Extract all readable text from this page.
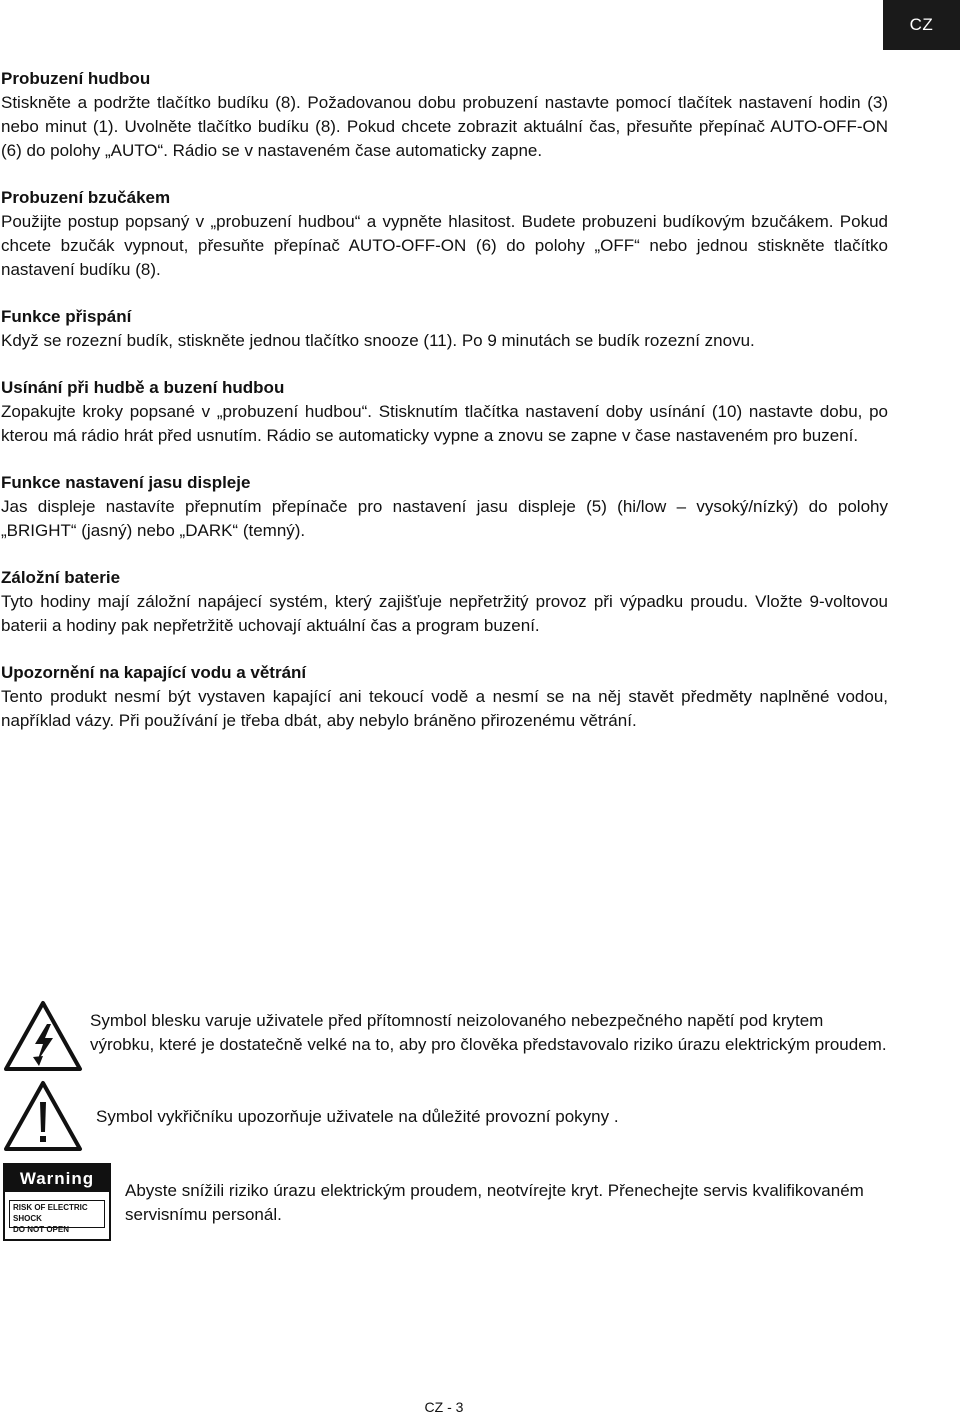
CZ
Probuzení hudbou

Stiskněte a podržte tlačítko budíku (8). Požadovanou dobu probuzení nastavte pomocí tlačítek nastavení hodin (3) nebo minut (1). Uvolněte tlačítko budíku (8). Pokud chcete zobrazit aktuální čas, přesuňte přepínač AUTO-OFF-ON (6) do polohy „AUTO“. Rádio se v nastaveném čase automaticky zapne.

Probuzení bzučákem

Použijte postup popsaný v „probuzení hudbou“ a vypněte hlasitost. Budete probuzeni budíkovým bzučákem. Pokud chcete bzučák vypnout, přesuňte přepínač AUTO-OFF-ON (6) do polohy „OFF“ nebo jednou stiskněte tlačítko nastavení budíku (8).

Funkce přispání

Když se rozezní budík, stiskněte jednou tlačítko snooze (11). Po 9 minutách se budík rozezní znovu.

Usínání při hudbě a buzení hudbou

Zopakujte kroky popsané v „probuzení hudbou“. Stisknutím tlačítka nastavení doby usínání (10) nastavte dobu, po kterou má rádio hrát před usnutím. Rádio se automaticky vypne a znovu se zapne v čase nastaveném pro buzení.

Funkce nastavení jasu displeje

Jas displeje nastavíte přepnutím přepínače pro nastavení jasu displeje (5) (hi/low – vysoký/nízký) do polohy „BRIGHT“ (jasný) nebo „DARK“ (temný).

Záložní baterie

Tyto hodiny mají záložní napájecí systém, který zajišťuje nepřetržitý provoz při výpadku proudu. Vložte 9-voltovou baterii a hodiny pak nepřetržitě uchovají aktuální čas a program buzení.

Upozornění na kapající vodu a větrání

Tento produkt nesmí být vystaven kapající ani tekoucí vodě a nesmí se na něj stavět předměty naplněné vodou, například vázy. Při používání je třeba dbát, aby nebylo bráněno přirozenému větrání.

Symbol blesku varuje uživatele před přítomností neizolovaného nebezpečného napětí pod krytem výrobku, které je dostatečně velké na to, aby pro člověka představovalo riziko úrazu elektrickým proudem.
Symbol vykřičníku upozorňuje uživatele na důležité provozní pokyny .
Warning
RISK OF ELECTRIC SHOCK
DO NOT OPEN
Abyste snížili riziko úrazu elektrickým proudem, neotvírejte kryt. Přenechejte servis kvalifikovaném servisnímu personál.
CZ - 3
